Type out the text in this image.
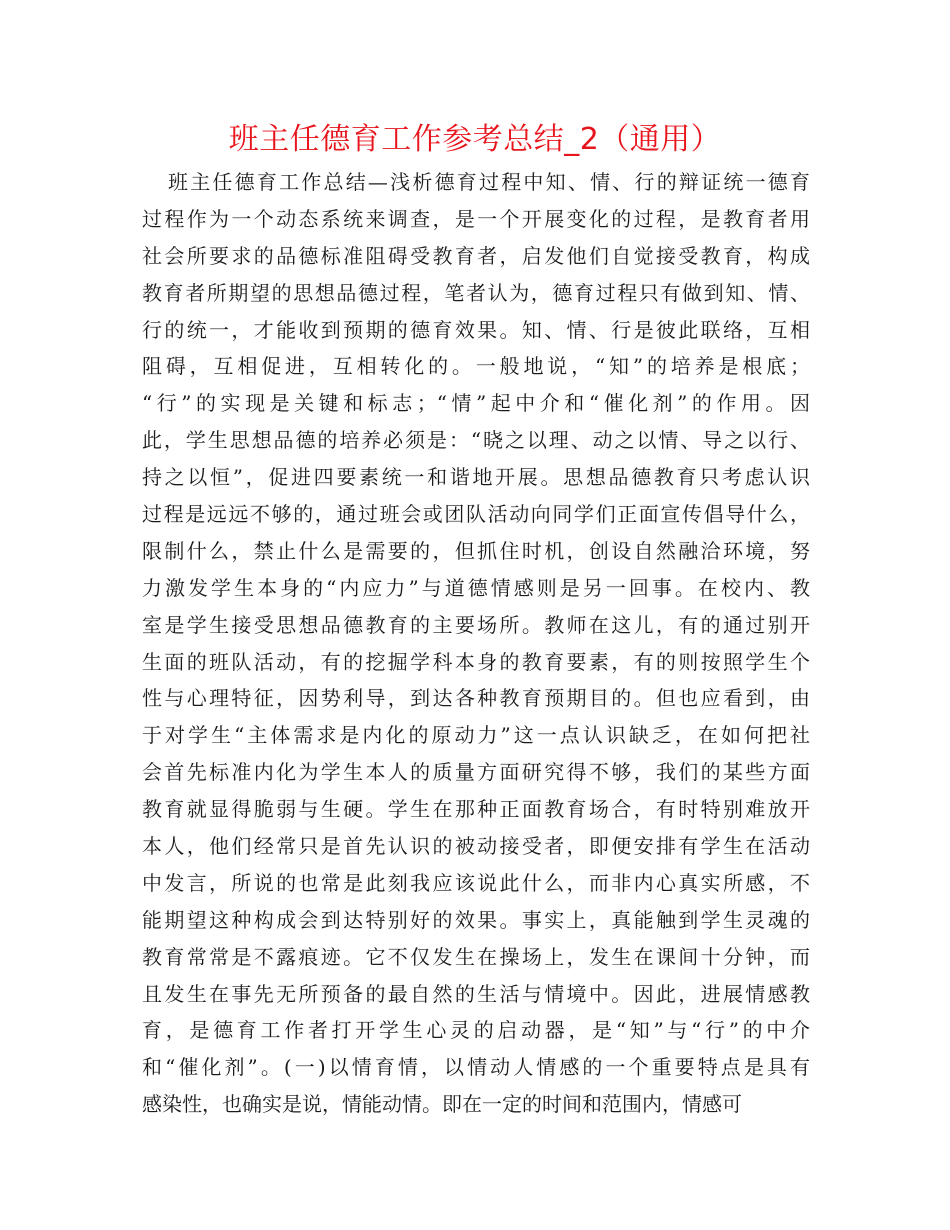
班主任德育工作参考总结_2（通用）
班主任德育工作总结—浅析德育过程中知、情、行的辩证统一德育
过程作为一个动态系统来调查，是一个开展变化的过程，是教育者用
社会所要求的品德标准阻碍受教育者，启发他们自觉接受教育，构成
教育者所期望的思想品德过程，笔者认为，德育过程只有做到知、情、
行的统一，才能收到预期的德育效果。知、情、行是彼此联络，互相
阻碍，互相促进，互相转化的。一般地说，“知”的培养是根底；
“行”的实现是关键和标志；“情”起中介和“催化剂”的作用。因
此，学生思想品德的培养必须是：“晓之以理、动之以情、导之以行、
持之以恒”，促进四要素统一和谐地开展。思想品德教育只考虑认识
过程是远远不够的，通过班会或团队活动向同学们正面宣传倡导什么，
限制什么，禁止什么是需要的，但抓住时机，创设自然融洽环境，努
力激发学生本身的“内应力”与道德情感则是另一回事。在校内、教
室是学生接受思想品德教育的主要场所。教师在这儿，有的通过别开
生面的班队活动，有的挖掘学科本身的教育要素，有的则按照学生个
性与心理特征，因势利导，到达各种教育预期目的。但也应看到，由
于对学生“主体需求是内化的原动力”这一点认识缺乏，在如何把社
会首先标准内化为学生本人的质量方面研究得不够，我们的某些方面
教育就显得脆弱与生硬。学生在那种正面教育场合，有时特别难放开
本人，他们经常只是首先认识的被动接受者，即便安排有学生在活动
中发言，所说的也常是此刻我应该说此什么，而非内心真实所感，不
能期望这种构成会到达特别好的效果。事实上，真能触到学生灵魂的
教育常常是不露痕迹。它不仅发生在操场上，发生在课间十分钟，而
且发生在事先无所预备的最自然的生活与情境中。因此，进展情感教
育，是德育工作者打开学生心灵的启动器，是“知”与“行”的中介
和“催化剂”。(一)以情育情，以情动人情感的一个重要特点是具有
感染性，也确实是说，情能动情。即在一定的时间和范围内，情感可
